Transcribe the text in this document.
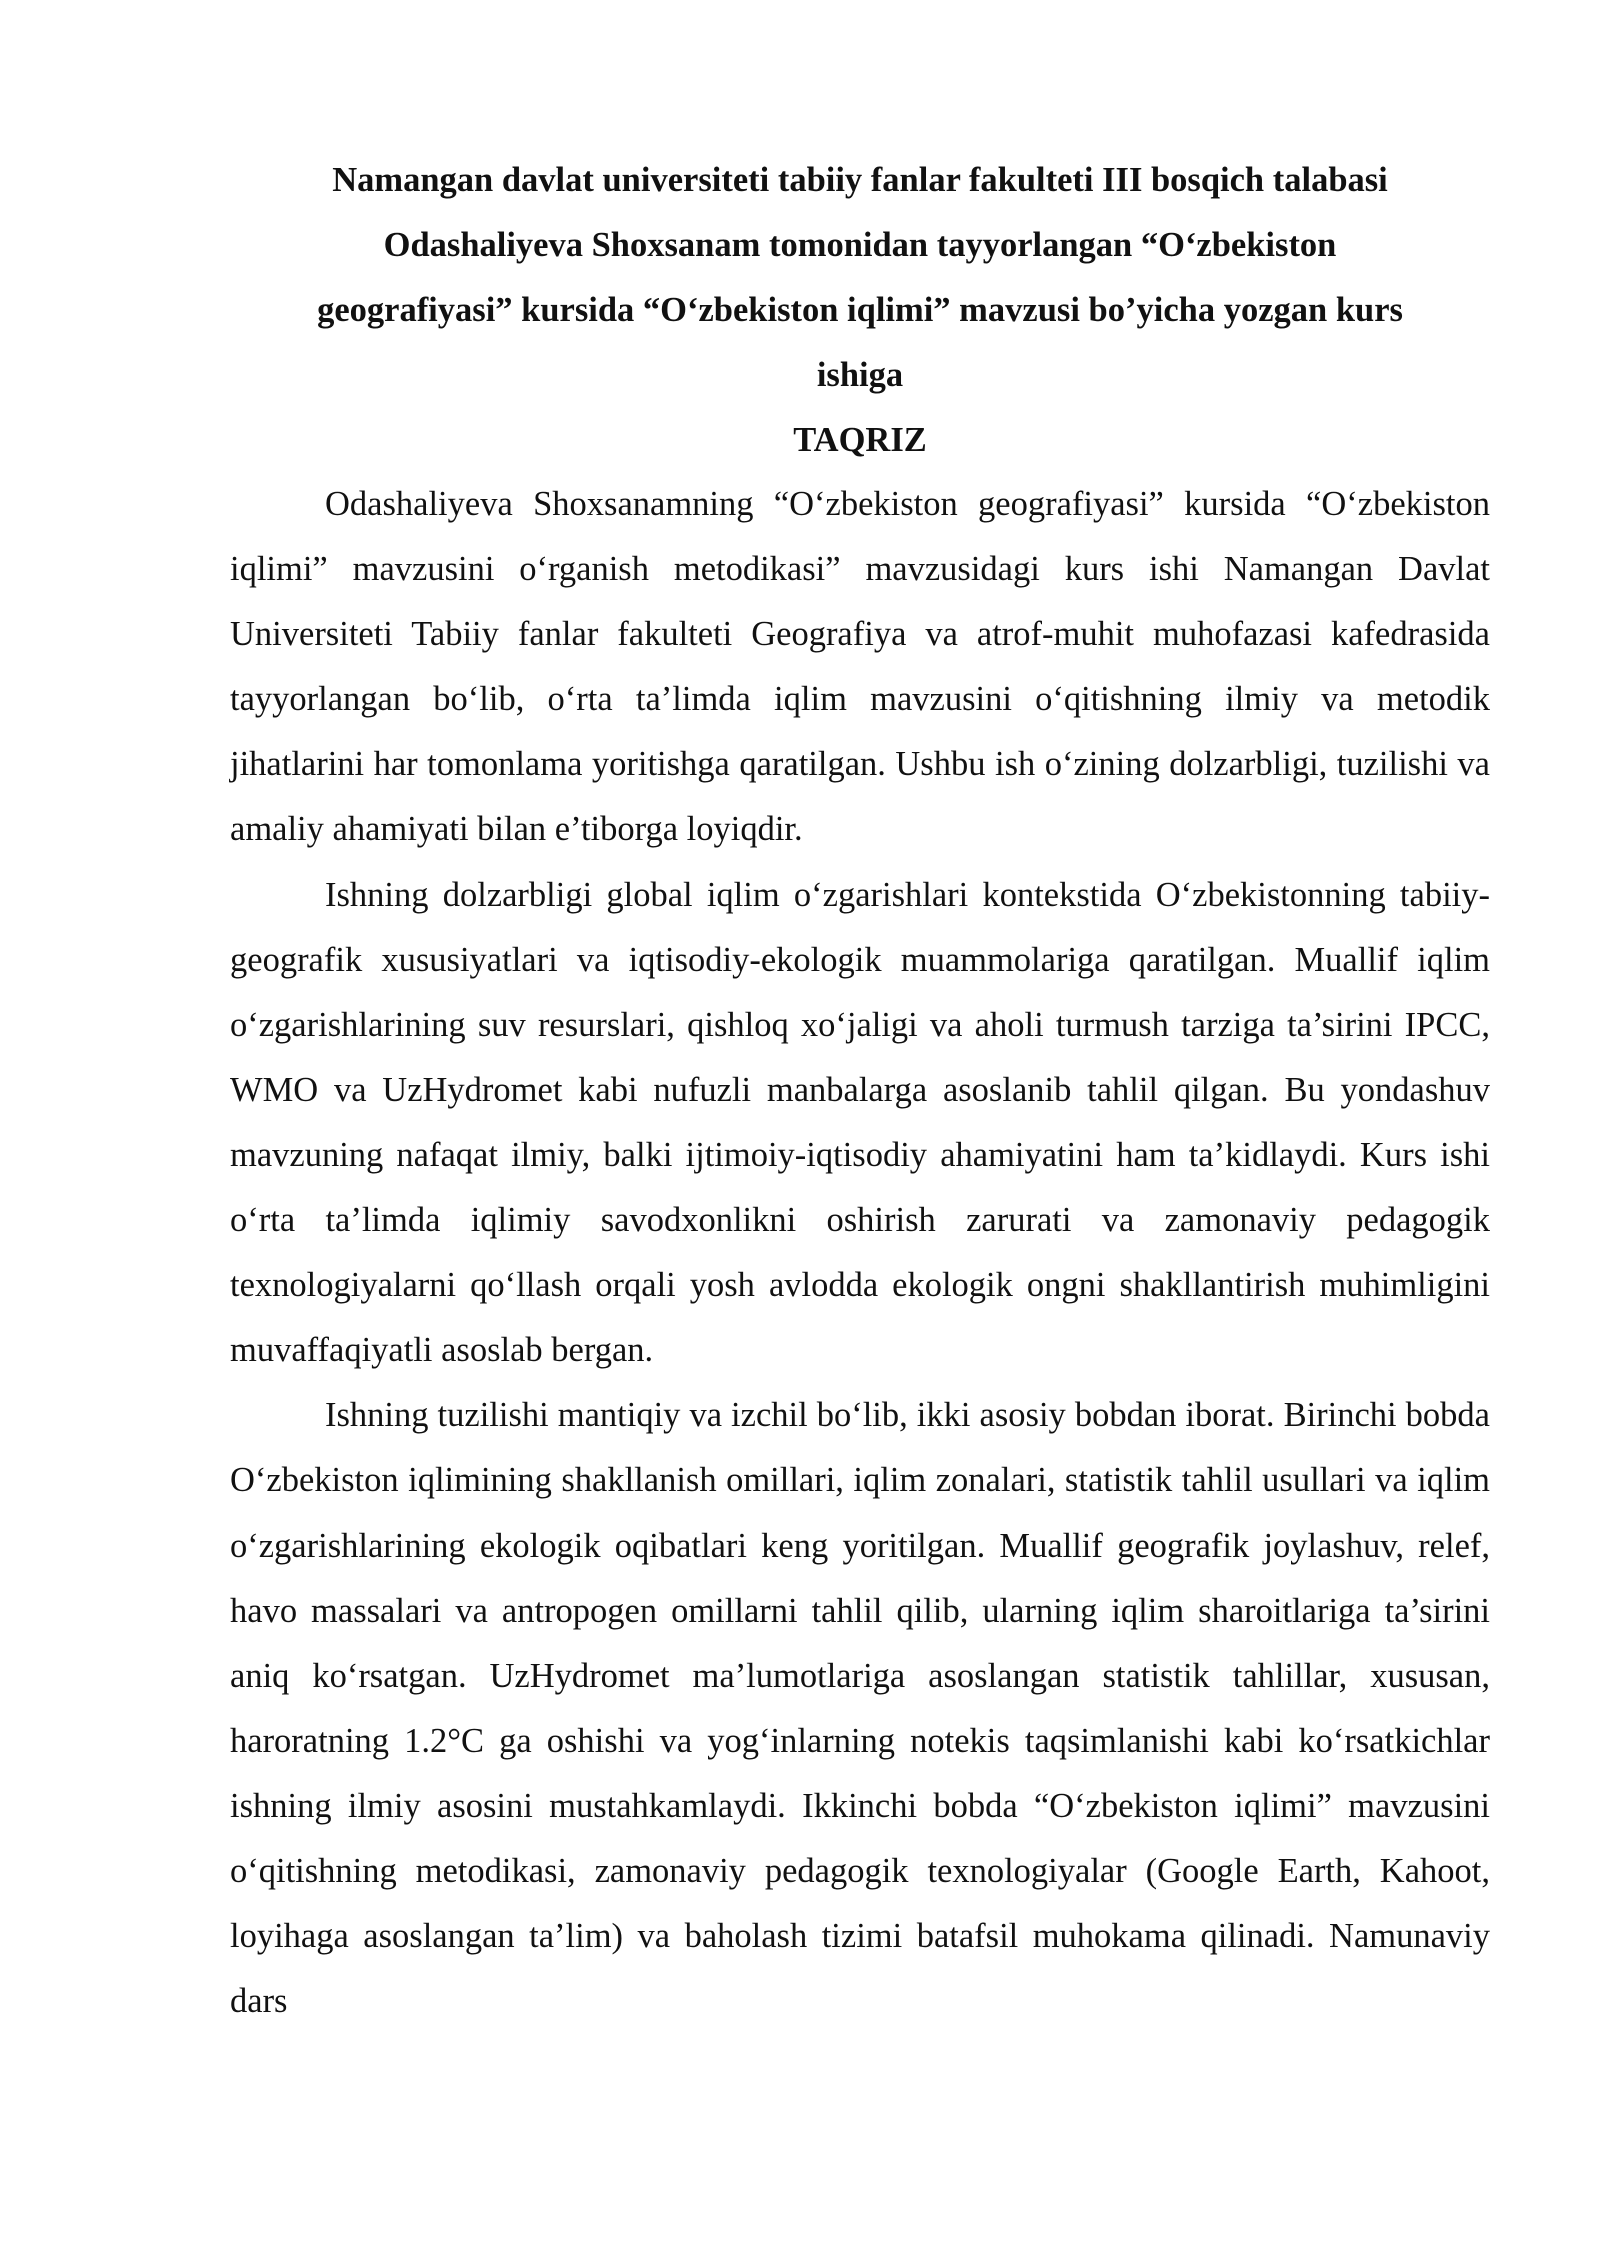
Namangan davlat universiteti tabiiy fanlar fakulteti III bosqich talabasi
Odashaliyeva Shoxsanam tomonidan tayyorlangan “O‘zbekiston
geografiyasi” kursida “O‘zbekiston iqlimi” mavzusi bo’yicha yozgan kurs
ishiga
TAQRIZ

Odashaliyeva Shoxsanamning “O‘zbekiston geografiyasi” kursida “O‘zbekiston iqlimi” mavzusini o‘rganish metodikasi” mavzusidagi kurs ishi Namangan Davlat Universiteti Tabiiy fanlar fakulteti Geografiya va atrof-muhit muhofazasi kafedrasida tayyorlangan bo‘lib, o‘rta ta’limda iqlim mavzusini o‘qitishning ilmiy va metodik jihatlarini har tomonlama yoritishga qaratilgan. Ushbu ish o‘zining dolzarbligi, tuzilishi va amaliy ahamiyati bilan e’tiborga loyiqdir.

Ishning dolzarbligi global iqlim o‘zgarishlari kontekstida O‘zbekistonning tabiiy-geografik xususiyatlari va iqtisodiy-ekologik muammolariga qaratilgan. Muallif iqlim o‘zgarishlarining suv resurslari, qishloq xo‘jaligi va aholi turmush tarziga ta’sirini IPCC, WMO va UzHydromet kabi nufuzli manbalarga asoslanib tahlil qilgan. Bu yondashuv mavzuning nafaqat ilmiy, balki ijtimoiy-iqtisodiy ahamiyatini ham ta’kidlaydi. Kurs ishi o‘rta ta’limda iqlimiy savodxonlikni oshirish zarurati va zamonaviy pedagogik texnologiyalarni qo‘llash orqali yosh avlodda ekologik ongni shakllantirish muhimligini muvaffaqiyatli asoslab bergan.

Ishning tuzilishi mantiqiy va izchil bo‘lib, ikki asosiy bobdan iborat. Birinchi bobda O‘zbekiston iqlimining shakllanish omillari, iqlim zonalari, statistik tahlil usullari va iqlim o‘zgarishlarining ekologik oqibatlari keng yoritilgan. Muallif geografik joylashuv, relef, havo massalari va antropogen omillarni tahlil qilib, ularning iqlim sharoitlariga ta’sirini aniq ko‘rsatgan. UzHydromet ma’lumotlariga asoslangan statistik tahlillar, xususan, haroratning 1.2°C ga oshishi va yog‘inlarning notekis taqsimlanishi kabi ko‘rsatkichlar ishning ilmiy asosini mustahkamlaydi. Ikkinchi bobda “O‘zbekiston iqlimi” mavzusini o‘qitishning metodikasi, zamonaviy pedagogik texnologiyalar (Google Earth, Kahoot, loyihaga asoslangan ta’lim) va baholash tizimi batafsil muhokama qilinadi. Namunaviy dars
